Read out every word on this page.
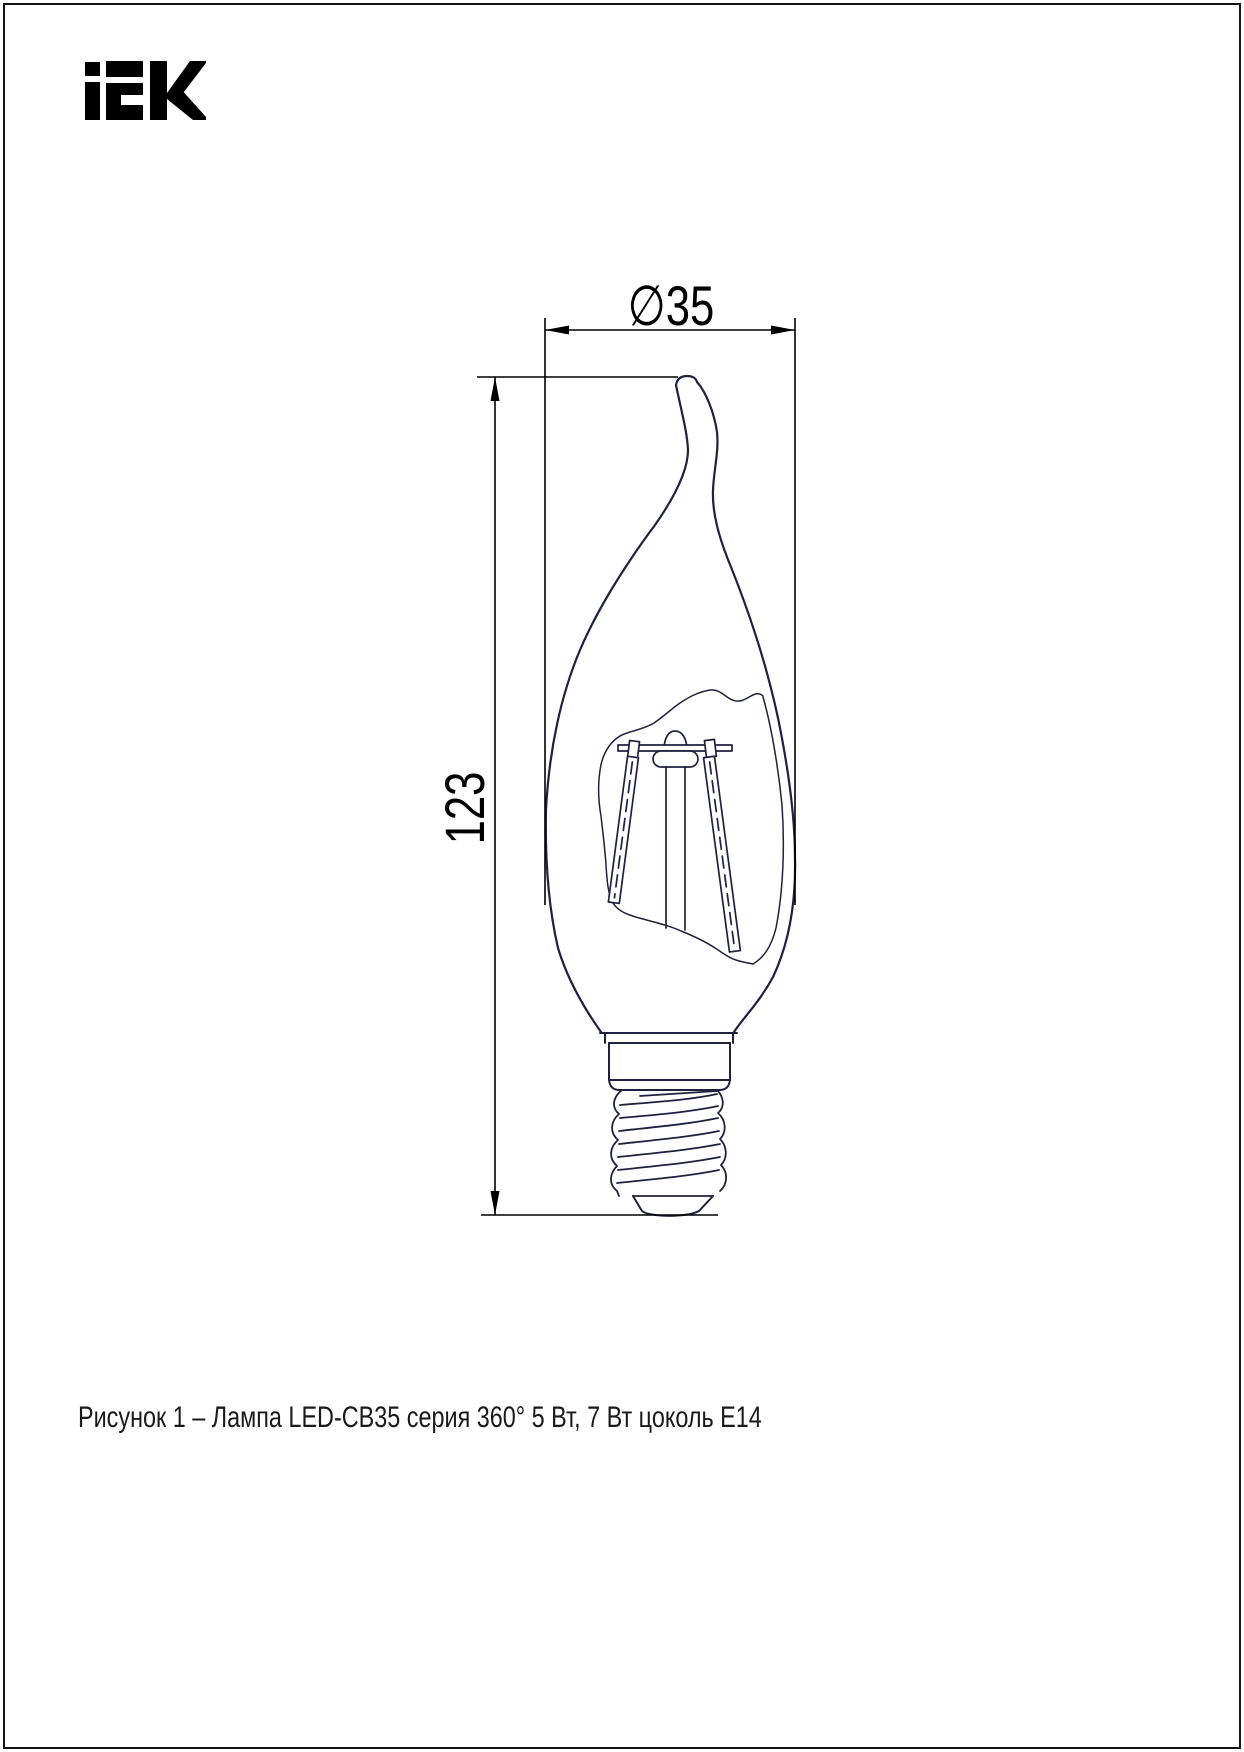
∅35
123
Рисунок 1 – Лампа LED-CB35 серия 360° 5 Вт, 7 Вт цоколь Е14
